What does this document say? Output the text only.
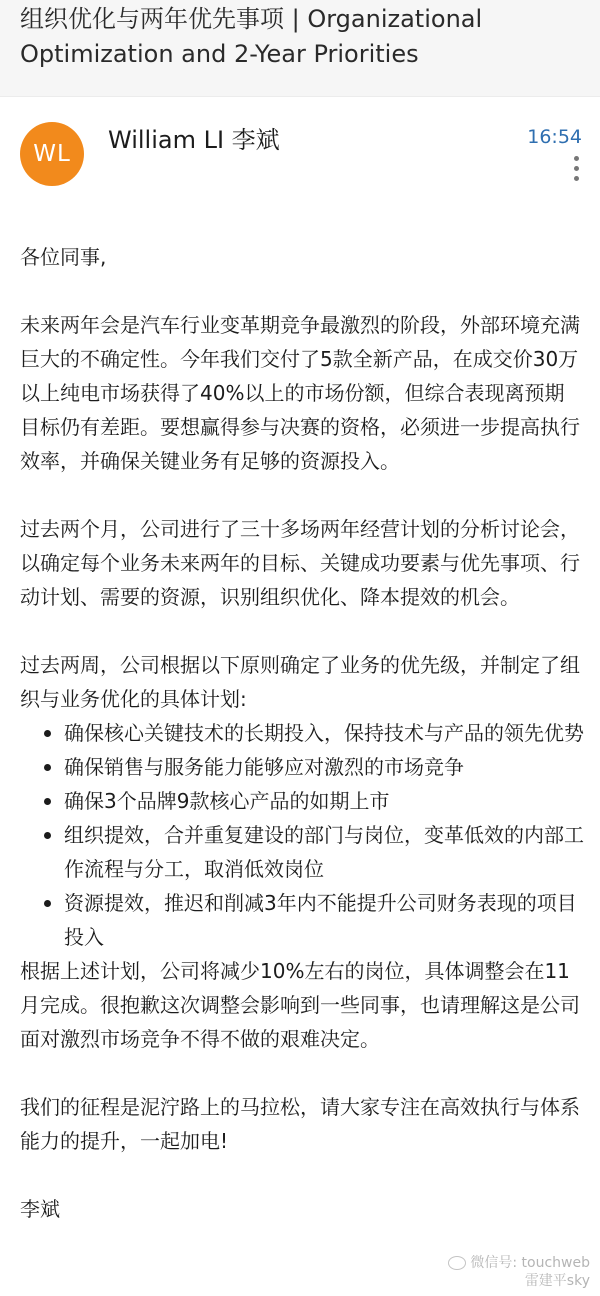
组织优化与两年优先事项 | Organizational
Optimization and 2-Year Priorities
WL	William LI 李斌	16:54

各位同事,

未来两年会是汽车行业变革期竞争最激烈的阶段，外部环境充满巨大的不确定性。今年我们交付了5款全新产品，在成交价30万以上纯电市场获得了40%以上的市场份额，但综合表现离预期目标仍有差距。要想赢得参与决赛的资格，必须进一步提高执行效率，并确保关键业务有足够的资源投入。

过去两个月，公司进行了三十多场两年经营计划的分析讨论会，以确定每个业务未来两年的目标、关键成功要素与优先事项、行动计划、需要的资源，识别组织优化、降本提效的机会。

过去两周，公司根据以下原则确定了业务的优先级，并制定了组织与业务优化的具体计划:

确保核心关键技术的长期投入，保持技术与产品的领先优势
确保销售与服务能力能够应对激烈的市场竞争
确保3个品牌9款核心产品的如期上市
组织提效，合并重复建设的部门与岗位，变革低效的内部工作流程与分工，取消低效岗位
资源提效，推迟和削减3年内不能提升公司财务表现的项目投入

根据上述计划，公司将减少10%左右的岗位，具体调整会在11月完成。很抱歉这次调整会影响到一些同事，也请理解这是公司面对激烈市场竞争不得不做的艰难决定。

我们的征程是泥泞路上的马拉松，请大家专注在高效执行与体系能力的提升，一起加电!

李斌

微信号: touchweb
雷建平sky
